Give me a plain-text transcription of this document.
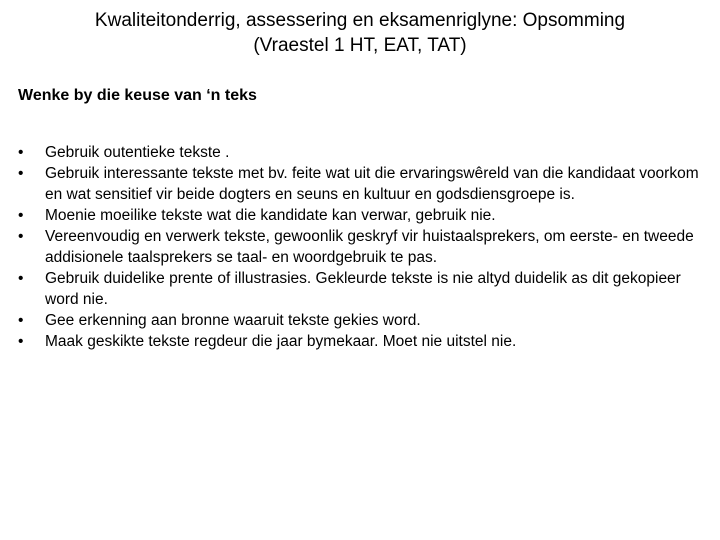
Kwaliteitonderrig, assessering en eksamenriglyne: Opsomming
(Vraestel 1 HT, EAT, TAT)
Wenke by die keuse van ‘n teks
•	Gebruik outentieke tekste .
•	Gebruik interessante tekste met bv. feite wat uit die ervaringswêreld van die kandidaat voorkom en wat sensitief vir beide dogters en seuns en kultuur en godsdiensgroepe is.
•	Moenie moeilike tekste wat die kandidate kan verwar, gebruik nie.
•	Vereenvoudig en verwerk tekste, gewoonlik geskryf vir huistaalsprekers, om eerste- en tweede addisionele taalsprekers se taal- en woordgebruik te pas.
•	Gebruik duidelike prente of illustrasies. Gekleurde tekste is nie altyd duidelik as dit gekopieer word nie.
•	Gee erkenning aan bronne waaruit tekste gekies word.
•	Maak geskikte tekste regdeur die jaar bymekaar. Moet nie uitstel nie.
